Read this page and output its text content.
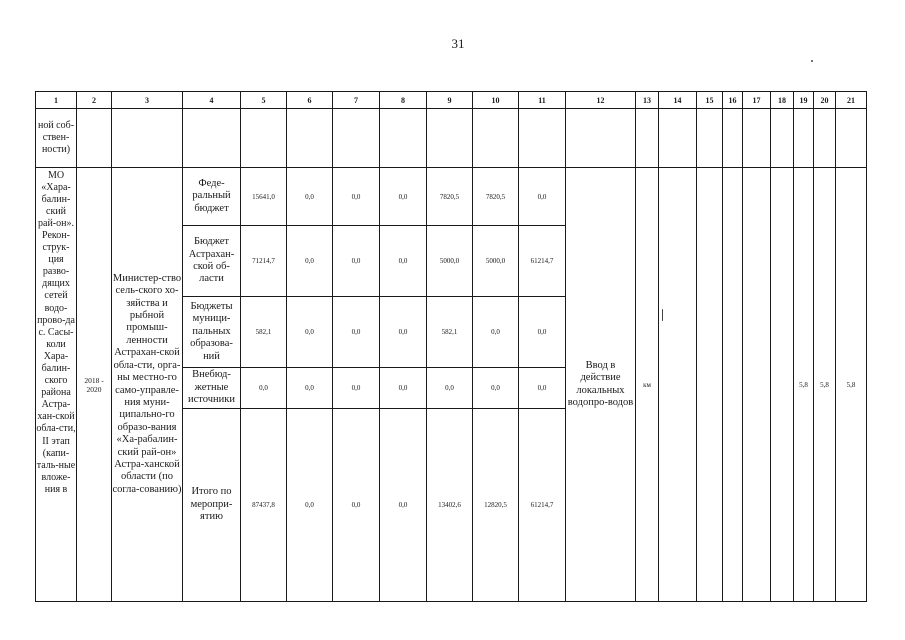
31
1	2	3	4	5	6	7	8	9	10	11	12	13	14	15	16	17	18	19	20	21
ной соб-ствен-ности)																				

МО «Хара-балин-ский рай-он». Рекон-струк-ция разво-дящих сетей водо-прово-да с. Сасы-коли Хара-балин-ского района Астра-хан-ской обла-сти, II этап (капи-таль-ные вложе-ния в	2018 - 2020	Министер-ство сель-ского хо-зяйства и рыбной промыш-ленности Астрахан-ской обла-сти, орга-ны местно-го само-управле-ния муни-ципально-го образо-вания «Ха-рабалин-ский рай-он» Астра-ханской области (по согла-сованию)	Феде-ральный бюджет	15641,0	0,0	0,0	0,0	7820,5	7820,5	0,0	Ввод в действие локальных водопро-водов	км						5,8	5,8	5,8
			Бюджет Астрахан-ской об-ласти	71214,7	0,0	0,0	0,0	5000,0	5000,0	61214,7										
			Бюджеты муници-пальных образова-ний	582,1	0,0	0,0	0,0	582,1	0,0	0,0										
			Внебюд-жетные источники	0,0	0,0	0,0	0,0	0,0	0,0	0,0										
			Итого по меропри-ятию	87437,8	0,0	0,0	0,0	13402,6	12820,5	61214,7										
